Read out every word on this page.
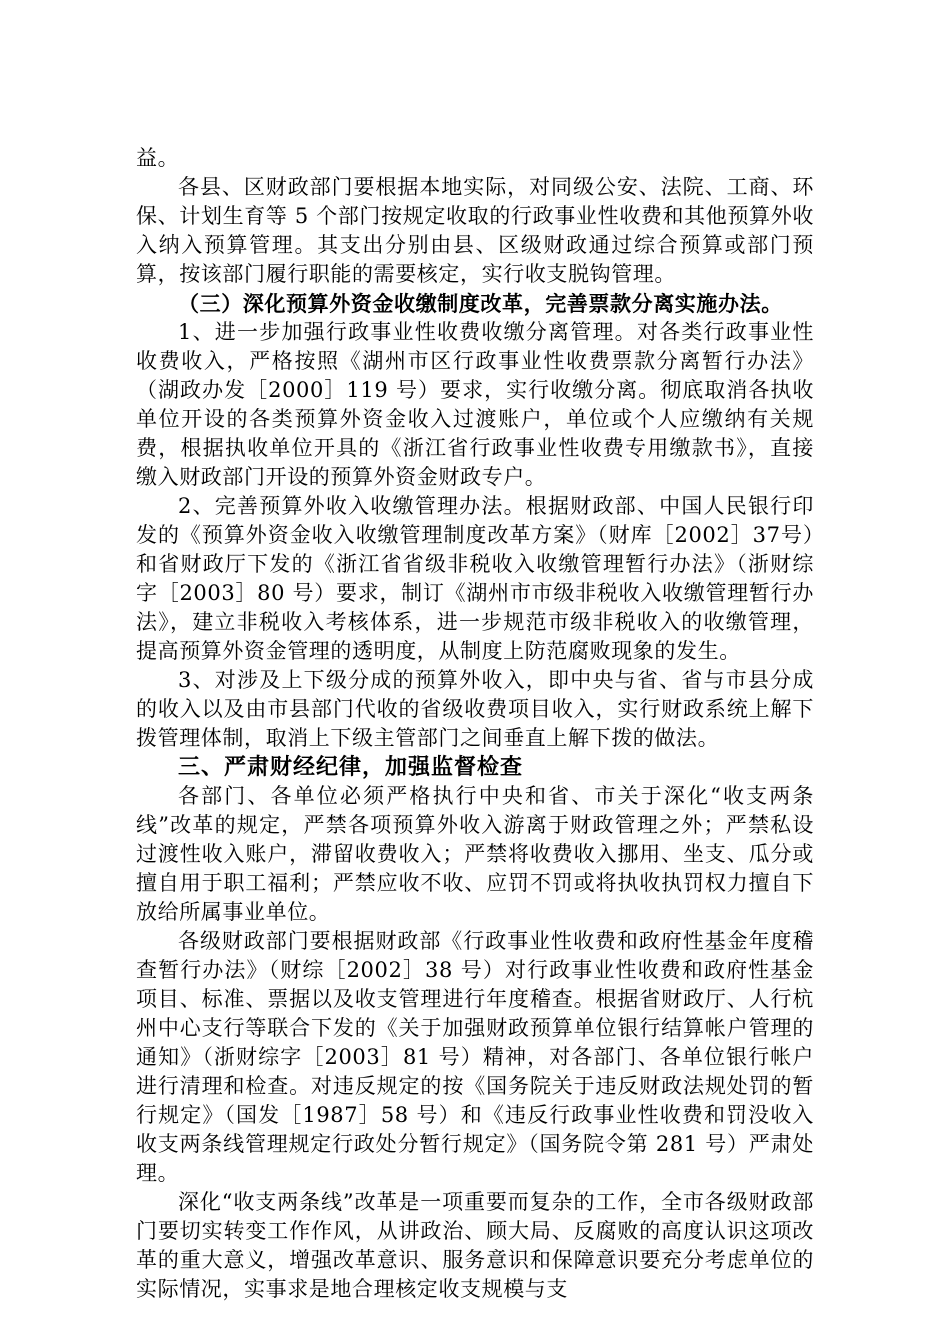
益。

各县、区财政部门要根据本地实际，对同级公安、法院、工商、环保、计划生育等 5 个部门按规定收取的行政事业性收费和其他预算外收入纳入预算管理。其支出分别由县、区级财政通过综合预算或部门预算，按该部门履行职能的需要核定，实行收支脱钩管理。

（三）深化预算外资金收缴制度改革，完善票款分离实施办法。

1、进一步加强行政事业性收费收缴分离管理。对各类行政事业性收费收入，严格按照《湖州市区行政事业性收费票款分离暂行办法》（湖政办发［2000］119 号）要求，实行收缴分离。彻底取消各执收单位开设的各类预算外资金收入过渡账户，单位或个人应缴纳有关规费，根据执收单位开具的《浙江省行政事业性收费专用缴款书》，直接缴入财政部门开设的预算外资金财政专户。

2、完善预算外收入收缴管理办法。根据财政部、中国人民银行印发的《预算外资金收入收缴管理制度改革方案》（财库［2002］37号）和省财政厅下发的《浙江省省级非税收入收缴管理暂行办法》（浙财综字［2003］80 号）要求，制订《湖州市市级非税收入收缴管理暂行办法》，建立非税收入考核体系，进一步规范市级非税收入的收缴管理，提高预算外资金管理的透明度，从制度上防范腐败现象的发生。

3、对涉及上下级分成的预算外收入，即中央与省、省与市县分成的收入以及由市县部门代收的省级收费项目收入，实行财政系统上解下拨管理体制，取消上下级主管部门之间垂直上解下拨的做法。

三、严肃财经纪律，加强监督检查

各部门、各单位必须严格执行中央和省、市关于深化“收支两条线”改革的规定，严禁各项预算外收入游离于财政管理之外；严禁私设过渡性收入账户，滞留收费收入；严禁将收费收入挪用、坐支、瓜分或擅自用于职工福利；严禁应收不收、应罚不罚或将执收执罚权力擅自下放给所属事业单位。

各级财政部门要根据财政部《行政事业性收费和政府性基金年度稽查暂行办法》（财综［2002］38 号）对行政事业性收费和政府性基金项目、标准、票据以及收支管理进行年度稽查。根据省财政厅、人行杭州中心支行等联合下发的《关于加强财政预算单位银行结算帐户管理的通知》（浙财综字［2003］81 号）精神，对各部门、各单位银行帐户进行清理和检查。对违反规定的按《国务院关于违反财政法规处罚的暂行规定》（国发［1987］58 号）和《违反行政事业性收费和罚没收入收支两条线管理规定行政处分暂行规定》（国务院令第 281 号）严肃处理。

深化“收支两条线”改革是一项重要而复杂的工作，全市各级财政部门要切实转变工作作风，从讲政治、顾大局、反腐败的高度认识这项改革的重大意义，增强改革意识、服务意识和保障意识要充分考虑单位的实际情况，实事求是地合理核定收支规模与支
